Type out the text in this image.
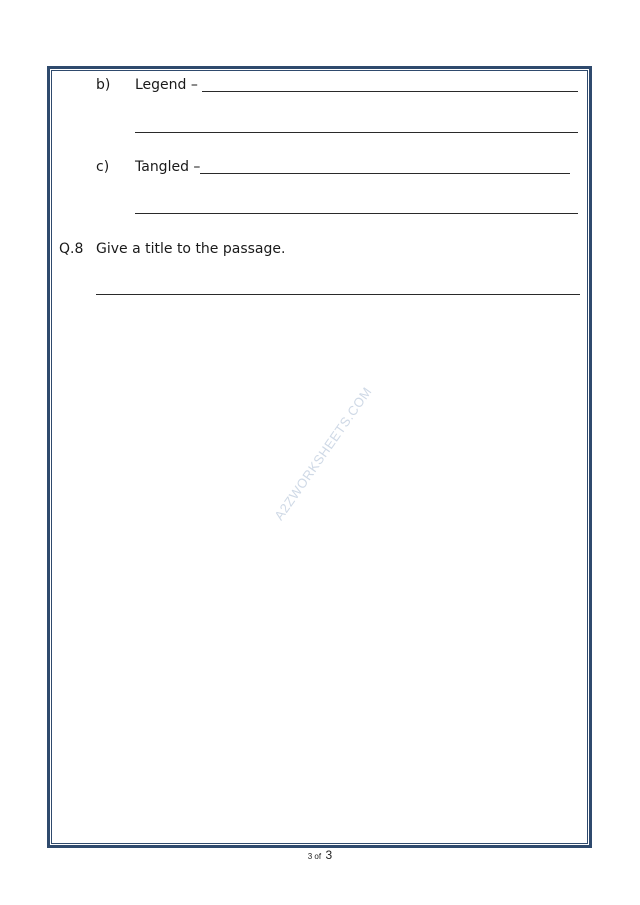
b) Legend –
c) Tangled –
Q.8 Give a title to the passage.
A2ZWORKSHEETS.COM
3 of 3
